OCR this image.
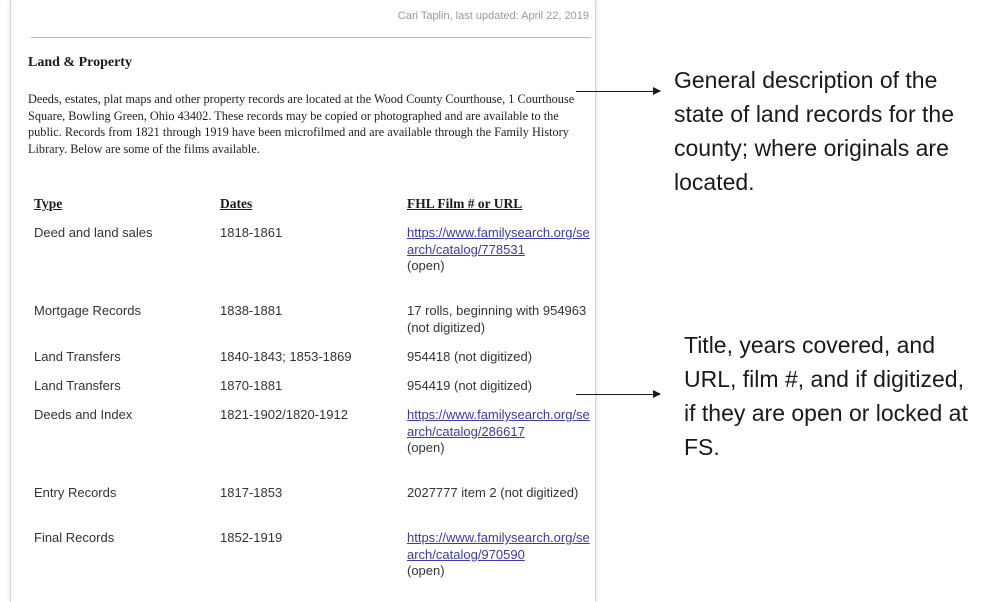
Cari Taplin, last updated: April 22, 2019
Land & Property
Deeds, estates, plat maps and other property records are located at the Wood County Courthouse, 1 Courthouse Square, Bowling Green, Ohio 43402. These records may be copied or photographed and are available to the public. Records from 1821 through 1919 have been microfilmed and are available through the Family History Library. Below are some of the films available.
Type	Dates	FHL Film # or URL
Deed and land sales	1818-1861	https://www.familysearch.org/search/catalog/778531
(open)
Mortgage Records	1838-1881	17 rolls, beginning with 954963 (not digitized)
Land Transfers	1840-1843; 1853-1869	954418 (not digitized)
Land Transfers	1870-1881	954419 (not digitized)
Deeds and Index	1821-1902/1820-1912	https://www.familysearch.org/search/catalog/286617
(open)
Entry Records	1817-1853	2027777 item 2 (not digitized)
Final Records	1852-1919	https://www.familysearch.org/search/catalog/970590
(open)
General description of the state of land records for the county; where originals are located.
Title, years covered, and URL, film #, and if digitized, if they are open or locked at FS.
